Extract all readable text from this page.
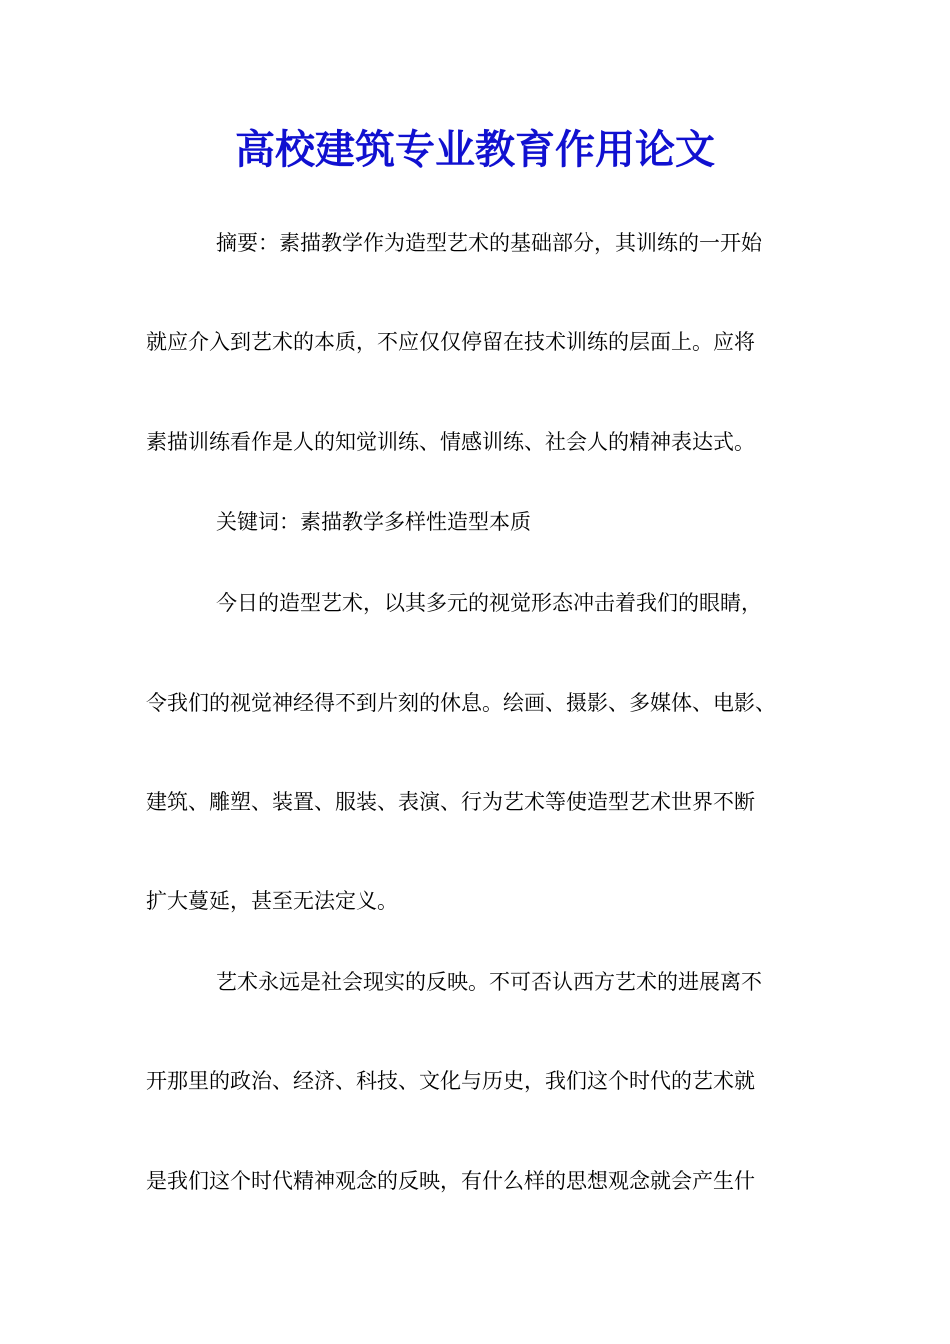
高校建筑专业教育作用论文
摘要：素描教学作为造型艺术的基础部分，其训练的一开始
就应介入到艺术的本质，不应仅仅停留在技术训练的层面上。应将
素描训练看作是人的知觉训练、情感训练、社会人的精神表达式。
关键词：素描教学多样性造型本质
今日的造型艺术，以其多元的视觉形态冲击着我们的眼睛，
令我们的视觉神经得不到片刻的休息。绘画、摄影、多媒体、电影、
建筑、雕塑、装置、服装、表演、行为艺术等使造型艺术世界不断
扩大蔓延，甚至无法定义。
艺术永远是社会现实的反映。不可否认西方艺术的进展离不
开那里的政治、经济、科技、文化与历史，我们这个时代的艺术就
是我们这个时代精神观念的反映，有什么样的思想观念就会产生什
